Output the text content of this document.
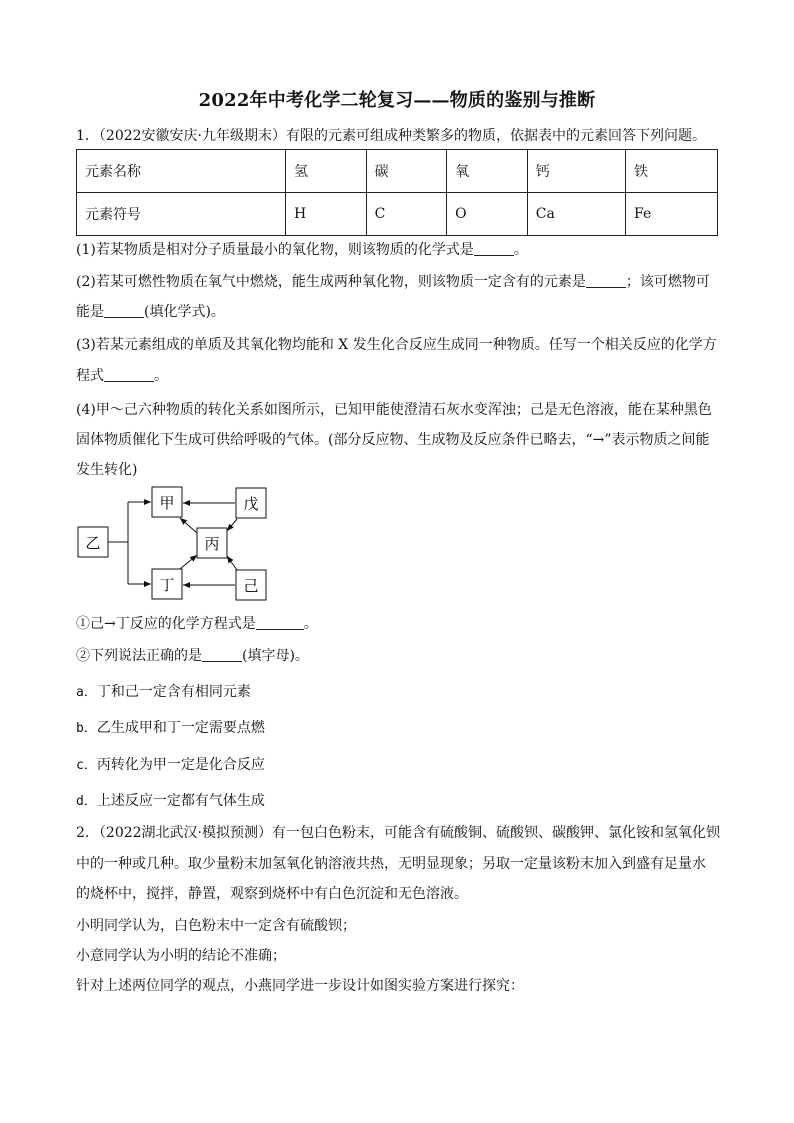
2022年中考化学二轮复习——物质的鉴别与推断
1．（2022安徽安庆·九年级期末）有限的元素可组成种类繁多的物质，依据表中的元素回答下列问题。
元素名称	氢	碳	氧	钙	铁
元素符号	H	C	O	Ca	Fe
(1)若某物质是相对分子质量最小的氧化物，则该物质的化学式是	。
(2)若某可燃性物质在氧气中燃烧，能生成两种氧化物，则该物质一定含有的元素是	；该可燃物可
能是	(填化学式)。
(3)若某元素组成的单质及其氧化物均能和 X 发生化合反应生成同一种物质。任写一个相关反应的化学方
程式	。
(4)甲～己六种物质的转化关系如图所示，已知甲能使澄清石灰水变浑浊；己是无色溶液，能在某种黑色
固体物质催化下生成可供给呼吸的气体。(部分反应物、生成物及反应条件已略去，“→”表示物质之间能
发生转化)
乙
甲	戊
丙
丁	己
①己→丁反应的化学方程式是	。
②下列说法正确的是	(填字母)。
a．丁和己一定含有相同元素
b．乙生成甲和丁一定需要点燃
c．丙转化为甲一定是化合反应
d．上述反应一定都有气体生成
2．（2022湖北武汉·模拟预测）有一包白色粉末，可能含有硫酸铜、硫酸钡、碳酸钾、氯化铵和氢氧化钡
中的一种或几种。取少量粉末加氢氧化钠溶液共热，无明显现象；另取一定量该粉末加入到盛有足量水
的烧杯中，搅拌，静置，观察到烧杯中有白色沉淀和无色溶液。
小明同学认为，白色粉末中一定含有硫酸钡；
小意同学认为小明的结论不准确；
针对上述两位同学的观点，小燕同学进一步设计如图实验方案进行探究：
